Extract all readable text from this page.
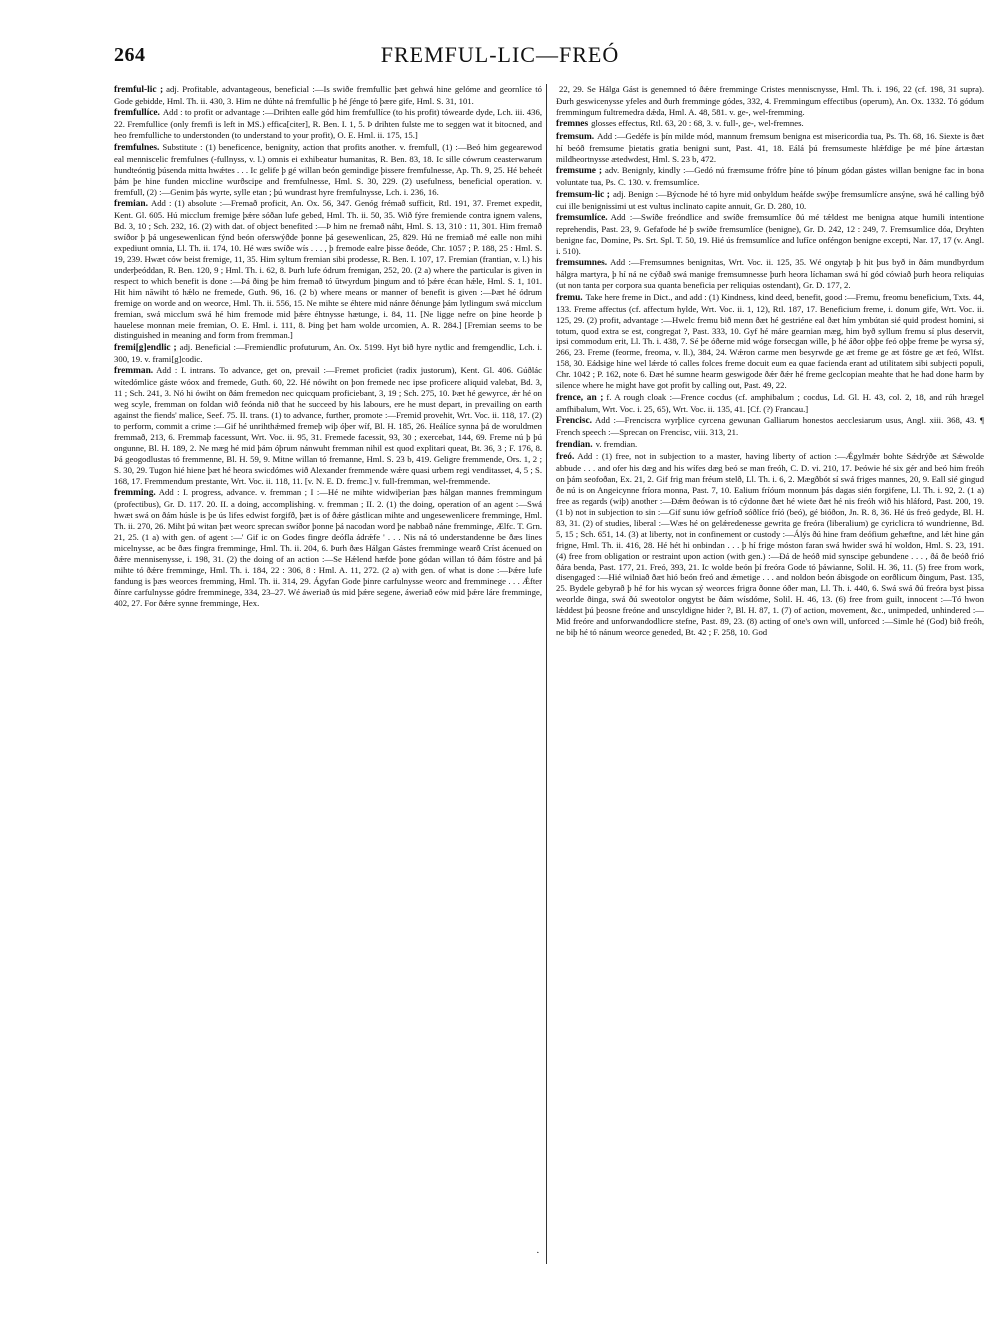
264	FREMFUL-LIC—FREÓ

fremful-lic ; adj. Profitable, advantageous, beneficial :—Is swiðe fremfullic þæt gehwá hine gelóme and geornlíce tó Gode gebidde, Hml. Th. ii. 430, 3. Him ne dúhte ná fremfullic þ hé ʃénge tó þære gife, Hml. S. 31, 101.

fremfullíce. Add : to profit or advantage :—Drihten ealle gód him fremfullíce (to his profit) tówearde dyde, Lch. iii. 436, 22. Fremfullice (only fremfi is left in MS.) effica[citer], R. Ben. I. 1, 5. Þ drihten fulste me to seggen wat it bitocned, and heo fremfulliche to understonden (to understand to your profit), O. E. Hml. ii. 175, 15.]

fremfulnes. Substitute : (1) beneficence, benignity, action that profits another. v. fremfull, (1) :—Beó him gegearewod eal menniscelic fremfulnes (-fullnyss, v. l.) omnis ei exhibeatur humanitas, R. Ben. 83, 18. Ic sille cówrum ceasterwarum hundteóntig þúsenda mitta hwǽtes . . . Ic gelife þ gé willan beón gemindige þissere fremfulnesse, Ap. Th. 9, 25. Hé beheét þám þe hine funden miccline wurðscipe and fremfulnesse, Hml. S. 30, 229. (2) usefulness, beneficial operation. v. fremfull, (2) :—Genim þás wyrte, sylle etan ; þú wundrast hyre fremfulnysse, Lch. i. 236, 16.

fremian. Add : (1) absolute :—Fremað proficit, An. Ox. 56, 347. Genóg frémað sufficit, Rtl. 191, 37. Fremet expedit, Kent. Gl. 605. Hú micclum fremige þǽre sóðan lufe gebed, Hml. Th. ii. 50, 35. Wið fýre fremiende contra ignem valens, Bd. 3, 10 ; Sch. 232, 16. (2) with dat. of object benefited :—Þ him ne fremað náht, Hml. S. 13, 310 : 11, 301. Him fremað swíðor þ þá ungesewenlican fýnd beón oferswýðde þonne þá gesewenlican, 25, 829. Hú ne fremiað mé ealle non mihi expediunt omnia, Ll. Th. ii. 174, 10. Hé wæs swíðe wís . . . , þ fremode ealre þisse ðeóde, Chr. 1057 ; P. 188, 25 : Hml. S. 19, 239. Hwæt ców beist fremige, 11, 35. Him syltum fremian sibi prodesse, R. Ben. I. 107, 17. Fremian (frantian, v. l.) his underþeóddan, R. Ben. 120, 9 ; Hml. Th. i. 62, 8. Þurh lufe ódrum fremigan, 252, 20. (2 a) where the particular is given in respect to which benefit is done :—Þá ðing þe him fremað tó ūtwyrdum þingum and tó þǽre écan hǽle, Hml. S. 1, 101. Hit him nāwiht tó hǽlo ne fremede, Guth. 96, 16. (2 b) where means or manner of benefit is given :—Þæt hé ódrum fremige on worde and on weorce, Hml. Th. ii. 556, 15. Ne mihte se éhtere mid nánre ðénunge þám lytlingum swá micclum fremian, swá micclum swá hé him fremode mid þǽre éhtnysse hætunge, i. 84, 11. [Ne ligge nefre on þine heorde þ hauelese monnan meie fremian, O. E. Hml. i. 111, 8. Þing þet ham wolde urcomien, A. R. 284.] [Fremian seems to be distinguished in meaning and form from fremman.]

fremi[g]endlic ; adj. Beneficial :—Fremiendlic profuturum, An. Ox. 5199. Hyt bið hyre nytlic and fremgendlic, Lch. i. 300, 19. v. frami[g]codic.

fremman. Add : I. intrans. To advance, get on, prevail :—Fremet proficiet (radix justorum), Kent. Gl. 406. Gúðlác wítedómlice gáste wóox and fremede, Guth. 60, 22. Hé nówiht on þon fremede nec ipse proficere aliquid valebat, Bd. 3, 11 ; Sch. 241, 3. Nó hi ówiht on ðám fremedon nec quicquam proficiebant, 3, 19 ; Sch. 275, 10. Þæt hé gewyrce, ǽr hé on weg scyle, fremman on foldan wið feónda nið that he succeed by his labours, ere he must depart, in prevailing on earth against the fiends' malice, Seef. 75. II. trans. (1) to advance, further, promote :—Fremid provehit, Wrt. Voc. ii. 118, 17. (2) to perform, commit a crime :—Gif hé unrihthǽmed fremeþ wiþ óþer wíf, Bl. H. 185, 26. Heálíce synna þá de woruldmen fremmað, 213, 6. Fremmaþ facessunt, Wrt. Voc. ii. 95, 31. Fremede facessit, 93, 30 ; exercebat, 144, 69. Freme nú þ þú ongunne, Bl. H. 189, 2. Ne mæg hé mid þám óþrum nánwuht fremman nihil est quod explitari queat, Bt. 36, 3 ; F. 176, 8. Þá geogodlustas tó fremmenne, Bl. H. 59, 9. Mitne willan tó fremanne, Hml. S. 23 b, 419. Geligre fremmende, Ors. 1, 2 ; S. 30, 29. Tugon hié hiene þæt hé heora swicdómes wið Alexander fremmende wǽre quasi urbem regi venditasset, 4, 5 ; S. 168, 17. Fremmendum prestante, Wrt. Voc. ii. 118, 11. [v. N. E. D. fremc.] v. full-fremman, wel-fremmende.

fremming. Add : I. progress, advance. v. fremman ; I :—Hé ne mihte widwiþerian þæs hálgan mannes fremmingum (profectibus), Gr. D. 117. 20. II. a doing, accomplishing. v. fremman ; II. 2. (1) the doing, operation of an agent :—Swá hwæt swá on ðám húsle is þe ús lifes edwist forgifð, þæt is of ðǽre gástlican mihte and ungesewenlicere fremminge, Hml. Th. ii. 270, 26. Miht þú witan þæt weorc sprecan swíðor þonne þá nacodan word þe nabbað náne fremminge, Ælfc. T. Grn. 21, 25. (1 a) with gen. of agent :—' Gif ic on Godes fingre deófla ádrǽfe ' . . . Nis ná tó understandenne be ðæs lines micelnysse, ac be ðæs fingra fremminge, Hml. Th. ii. 204, 6. Þurh ðæs Hálgan Gástes fremminge wearð Críst ácenued on ðǽre mennisenysse, i. 198, 31. (2) the doing of an action :—Se Hǽlend hæfde þone gódan willan tó ðám fóstre and þá mihte tó ðǽre fremminge, Hml. Th. i. 184, 22 : 306, 8 : Hml. A. 11, 272. (2 a) with gen. of what is done :—Þǽre lufe fandung is þæs weorces fremming, Hml. Th. ii. 314, 29. Ágyfan Gode þinre carfulnysse weorc and fremminege . . . Ǽfter ðínre carfulnysse gódre fremminege, 334, 23–27. Wé áweriað ús mid þǽre segene, áweriað eów mid þǽre láre fremminge, 402, 27. For ðǽre synne fremminge, Hex.

22, 29. Se Hálga Gást is genemned tó ðǽre fremminge Cristes menniscnysse, Hml. Th. i. 196, 22 (cf. 198, 31 supra). Ðurh geswicenysse yfeles and ðurh fremminge gódes, 332, 4. Fremmingum effectibus (operum), An. Ox. 1332. Tó gódum fremmingum fultremedra dǽda, Hml. A. 48, 581. v. ge-, wel-fremming.

fremnes glosses effectus, Rtl. 63, 20 : 68, 3. v. full-, ge-, wel-fremnes.

fremsum. Add :—Gedéfe is þín milde mód, mannum fremsum benigna est misericordia tua, Ps. Th. 68, 16. Siexte is ðæt hí beóð fremsume þietatis gratia benigni sunt, Past. 41, 18. Eálá þú fremsumeste hlǽfdige þe mé þíne ártæstan mildheortnysse ætedwdest, Hml. S. 23 b, 472.

fremsume ; adv. Benignly, kindly :—Gedó nú fræmsume frófre þíne tó þínum gódan gástes willan benigne fac in bona voluntate tua, Ps. C. 130. v. fremsumlíce.

fremsum-lic ; adj. Benign :—Býcnode hé tó hyre mid onbyldum heáfde swýþe fremsumlícre ansýne, swá hé calling býð cui ille benignissimi ut est vultus inclinato capite annuit, Gr. D. 280, 10.

fremsumlíce. Add :—Swíðe freóndlice and swíðe fremsumlíce ðú mé tǽldest me benigna atque humili intentione reprehendis, Past. 23, 9. Gefafode hé þ swíðe fremsumlíce (benigne), Gr. D. 242, 12 : 249, 7. Fremsumlice dóa, Dryhten benigne fac, Domine, Ps. Srt. Spl. T. 50, 19. Hié ús fremsumlíce and lufíce onféngon benigne excepti, Nar. 17, 17 (v. Angl. i. 510).

fremsumnes. Add :—Fremsumnes benignitas, Wrt. Voc. ii. 125, 35. Wé ongytaþ þ hit þus byð in ðám mundbyrdum hálgra martyra, þ hí ná ne cýðað swá manige fremsumnesse þurh heora líchaman swá hí gód cówiað þurh heora reliquias (ut non tanta per corpora sua quanta beneficia per reliquias ostendant), Gr. D. 177, 2.

fremu. Take here freme in Dict., and add : (1) Kindness, kind deed, benefit, good :—Fremu, freomu beneficium, Txts. 44, 133. Freme affectus (cf. affectum hylde, Wrt. Voc. ii. 1, 12), Rtl. 187, 17. Beneficium freme, i. donum gife, Wrt. Voc. ii. 125, 29. (2) profit, advantage :—Hwelc fremu bið menn ðæt hé gestriéne eal ðæt hím ymbútan sié quid prodest homini, si totum, quod extra se est, congregat ?, Past. 333, 10. Gyf hé máre gearnian mæg, him byð syllum fremu sí plus deservit, ipsi commodum erit, Ll. Th. i. 438, 7. Sé þe óðerne mid wóge forsecgan wille, þ hé áðor oþþe feó oþþe freme þe wyrsa sý, 266, 23. Freme (feorme, freoma, v. ll.), 384, 24. Wǽron carme men besyrwde ge æt freme ge æt fóstre ge æt feó, Wlfst. 158, 30. Eádsige hine wel lǽrde tó calles folces freme docuit eum ea quae facienda erant ad utilitatem sibi subjecti populi, Chr. 1042 ; P. 162, note 6. Ðæt hé sumne hearm geswigode ðǽr ðǽr hé freme geclcopian meahte that he had done harm by silence where he might have got profit by calling out, Past. 49, 22.

frence, an ; f. A rough cloak :—Frence cocdus (cf. amphibalum ; cocdus, Ld. Gl. H. 43, col. 2, 18, and rúh hrægel amfhibalum, Wrt. Voc. i. 25, 65), Wrt. Voc. ii. 135, 41. [Cf. (?) Francau.]

Frencisc. Add :—Frenciscra wyrþlice cyrcena gewunan Galliarum honestos aecclesiarum usus, Angl. xiii. 368, 43. ¶ French speech :—Sprecan on Frencisc, viii. 313, 21.

frendian. v. fremdian.

freó. Add : (1) free, not in subjection to a master, having liberty of action :—Ǽgylmǽr bohte Sǽdrýðe æt Sǽwolde abbude . . . and ofer his dæg and his wífes dæg beó se man freóh, C. D. vi. 210, 17. Þeówie hé six gér and beó him freóh on þám seofoðan, Ex. 21, 2. Gif frig man fréum stelð, Ll. Th. i. 6, 2. Mægðbót sí swá friges mannes, 20, 9. Eall sié gingud ðe nú is on Angeicynne fríora monna, Past. 7, 10. Ealium fríóum monnum þás dagas sién forgifene, Ll. Th. i. 92, 2. (1 a) free as regards (wiþ) another :—Ðǽm ðeówan is tó cýdonne ðæt hé wiete ðæt hé nis freóh wið his hláford, Past. 200, 19. (1 b) not in subjection to sin :—Gif sunu iów gefríoð sóðlíce fríó (beó), gé bióðon, Jn. R. 8, 36. Hé ús freó gedyde, Bl. H. 83, 31. (2) of studies, liberal :—Wæs hé on gelǽredenesse gewrita ge freóra (liberalium) ge cyriclicra tó wundrienne, Bd. 5, 15 ; Sch. 651, 14. (3) at liberty, not in confinement or custody :—Álýs ðú hine fram deófium gehæftne, and lǽt hine gán frigne, Hml. Th. ii. 416, 28. Hé hét hi onbindan . . . þ hí frige móston faran swá hwider swá hí woldon, Hml. S. 23, 191. (4) free from obligation or restraint upon action (with gen.) :—Ðá de heóð mid synscipe gebundene . . . , ðá ðe beóð frió ðára benda, Past. 177, 21. Freó, 393, 21. Ic wolde beón þí freóra Gode tó þáwianne, Solil. H. 36, 11. (5) free from work, disengaged :—Hié wilniað ðæt hió beón freó and ǽmetige . . . and noldon beón ábisgode on eorðlicum ðingum, Past. 135, 25. Bydele gebyrað þ hé for his wycan sý weorces frigra ðonne óðer man, Ll. Th. i. 440, 6. Swá swá ðú freóra byst þissa weorlde ðinga, swá ðú sweotolor ongytst be ðám wísdóme, Solil. H. 46, 13. (6) free from guilt, innocent :—Tó hwon lǽddest þú þeosne freóne and unscyldigne hider ?, Bl. H. 87, 1. (7) of action, movement, &c., unimpeded, unhindered :—Mid freóre and unforwandodlicre stefne, Past. 89, 23. (8) acting of one's own will, unforced :—Simle hé (God) bið freóh, ne biþ hé tó nánum weorce geneded, Bt. 42 ; F. 258, 10. God

·
